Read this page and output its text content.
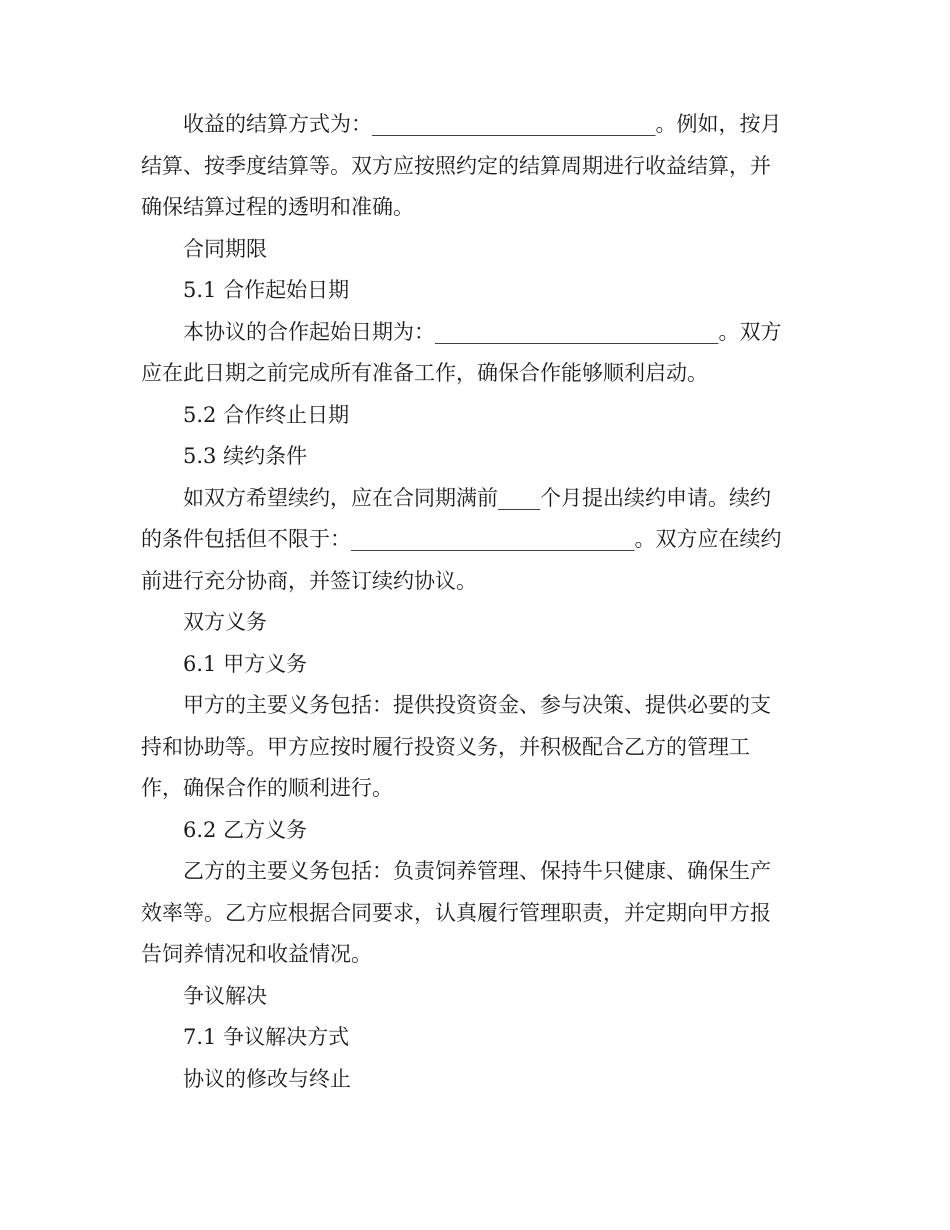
收益的结算方式为：___________________________。例如，按月
结算、按季度结算等。双方应按照约定的结算周期进行收益结算，并
确保结算过程的透明和准确。

合同期限

5.1 合作起始日期

本协议的合作起始日期为：___________________________。双方
应在此日期之前完成所有准备工作，确保合作能够顺利启动。

5.2 合作终止日期

5.3 续约条件

如双方希望续约，应在合同期满前____个月提出续约申请。续约
的条件包括但不限于：___________________________。双方应在续约
前进行充分协商，并签订续约协议。

双方义务

6.1 甲方义务

甲方的主要义务包括：提供投资资金、参与决策、提供必要的支
持和协助等。甲方应按时履行投资义务，并积极配合乙方的管理工
作，确保合作的顺利进行。

6.2 乙方义务

乙方的主要义务包括：负责饲养管理、保持牛只健康、确保生产
效率等。乙方应根据合同要求，认真履行管理职责，并定期向甲方报
告饲养情况和收益情况。

争议解决

7.1 争议解决方式

协议的修改与终止
